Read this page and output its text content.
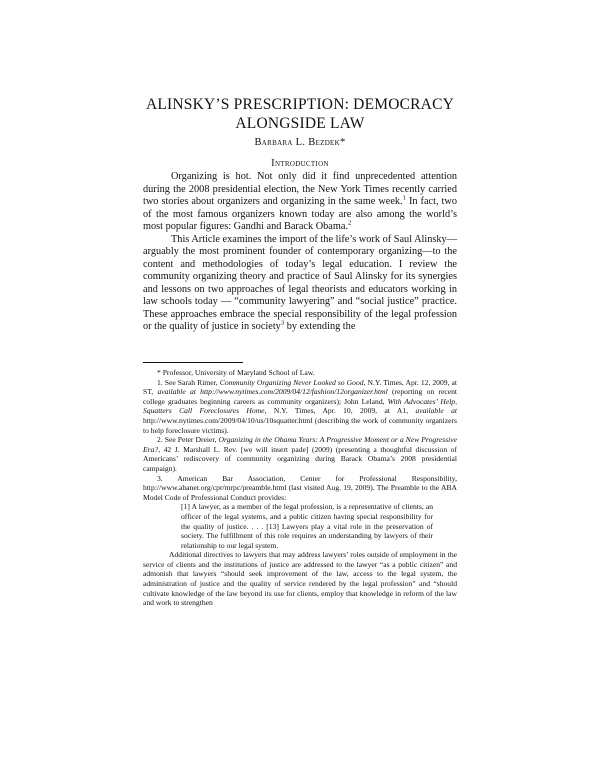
ALINSKY’S PRESCRIPTION: DEMOCRACY
ALONGSIDE LAW
Barbara L. Bezdek*
Introduction

Organizing is hot. Not only did it find unprecedented attention during the 2008 presidential election, the New York Times recently carried two stories about organizers and organizing in the same week.$^1$ In fact, two of the most famous organizers known today are also among the world’s most popular figures: Gandhi and Barack Obama.$^2$

This Article examines the import of the life’s work of Saul Alinsky—arguably the most prominent founder of contemporary organizing—to the content and methodologies of today’s legal education. I review the community organizing theory and practice of Saul Alinsky for its synergies and lessons on two approaches of legal theorists and educators working in law schools today — “community lawyering” and “social justice” practice. These approaches embrace the special responsibility of the legal profession or the quality of justice in society$^3$ by extending the

* Professor, University of Maryland School of Law.

1. See Sarah Rimer, Community Organizing Never Looked so Good, N.Y. Times, Apr. 12, 2009, at ST, available at http://www.nytimes.com/2009/04/12/fashion/12organizer.html (reporting on recent college graduates beginning careers as community organizers); John Leland, With Advocates’ Help, Squatters Call Foreclosures Home, N.Y. Times, Apr. 10, 2009, at A1, available at http://www.nytimes.com/2009/04/10/us/10squatter.html (describing the work of community organizers to help foreclosure victims).

2. See Peter Dreier, Organizing in the Obama Years: A Progressive Moment or a New Progressive Era?, 42 J. Marshall L. Rev. [we will insert pade] (2009) (presenting a thoughtful discussion of Americans’ rediscovery of community organizing during Barack Obama’s 2008 presidential campaign).

3. American Bar Association, Center for Professional Responsibility, http://www.abanet.org/cpr/mrpc/preamble.html (last visited Aug. 19, 2009). The Preamble to the ABA Model Code of Professional Conduct provides:

[1] A lawyer, as a member of the legal profession, is a representative of clients, an officer of the legal systems, and a public citizen having special responsibility for the quality of justice. . . . [13] Lawyers play a vital role in the preservation of society. The fulfillment of this role requires an understanding by lawyers of their relationship to our legal system.

Additional directives to lawyers that may address lawyers’ roles outside of employment in the service of clients and the institutions of justice are addressed to the lawyer “as a public citizen” and admonish that lawyers “should seek improvement of the law, access to the legal system, the administration of justice and the quality of service rendered by the legal profession” and “should cultivate knowledge of the law beyond its use for clients, employ that knowledge in reform of the law and work to strengthen
